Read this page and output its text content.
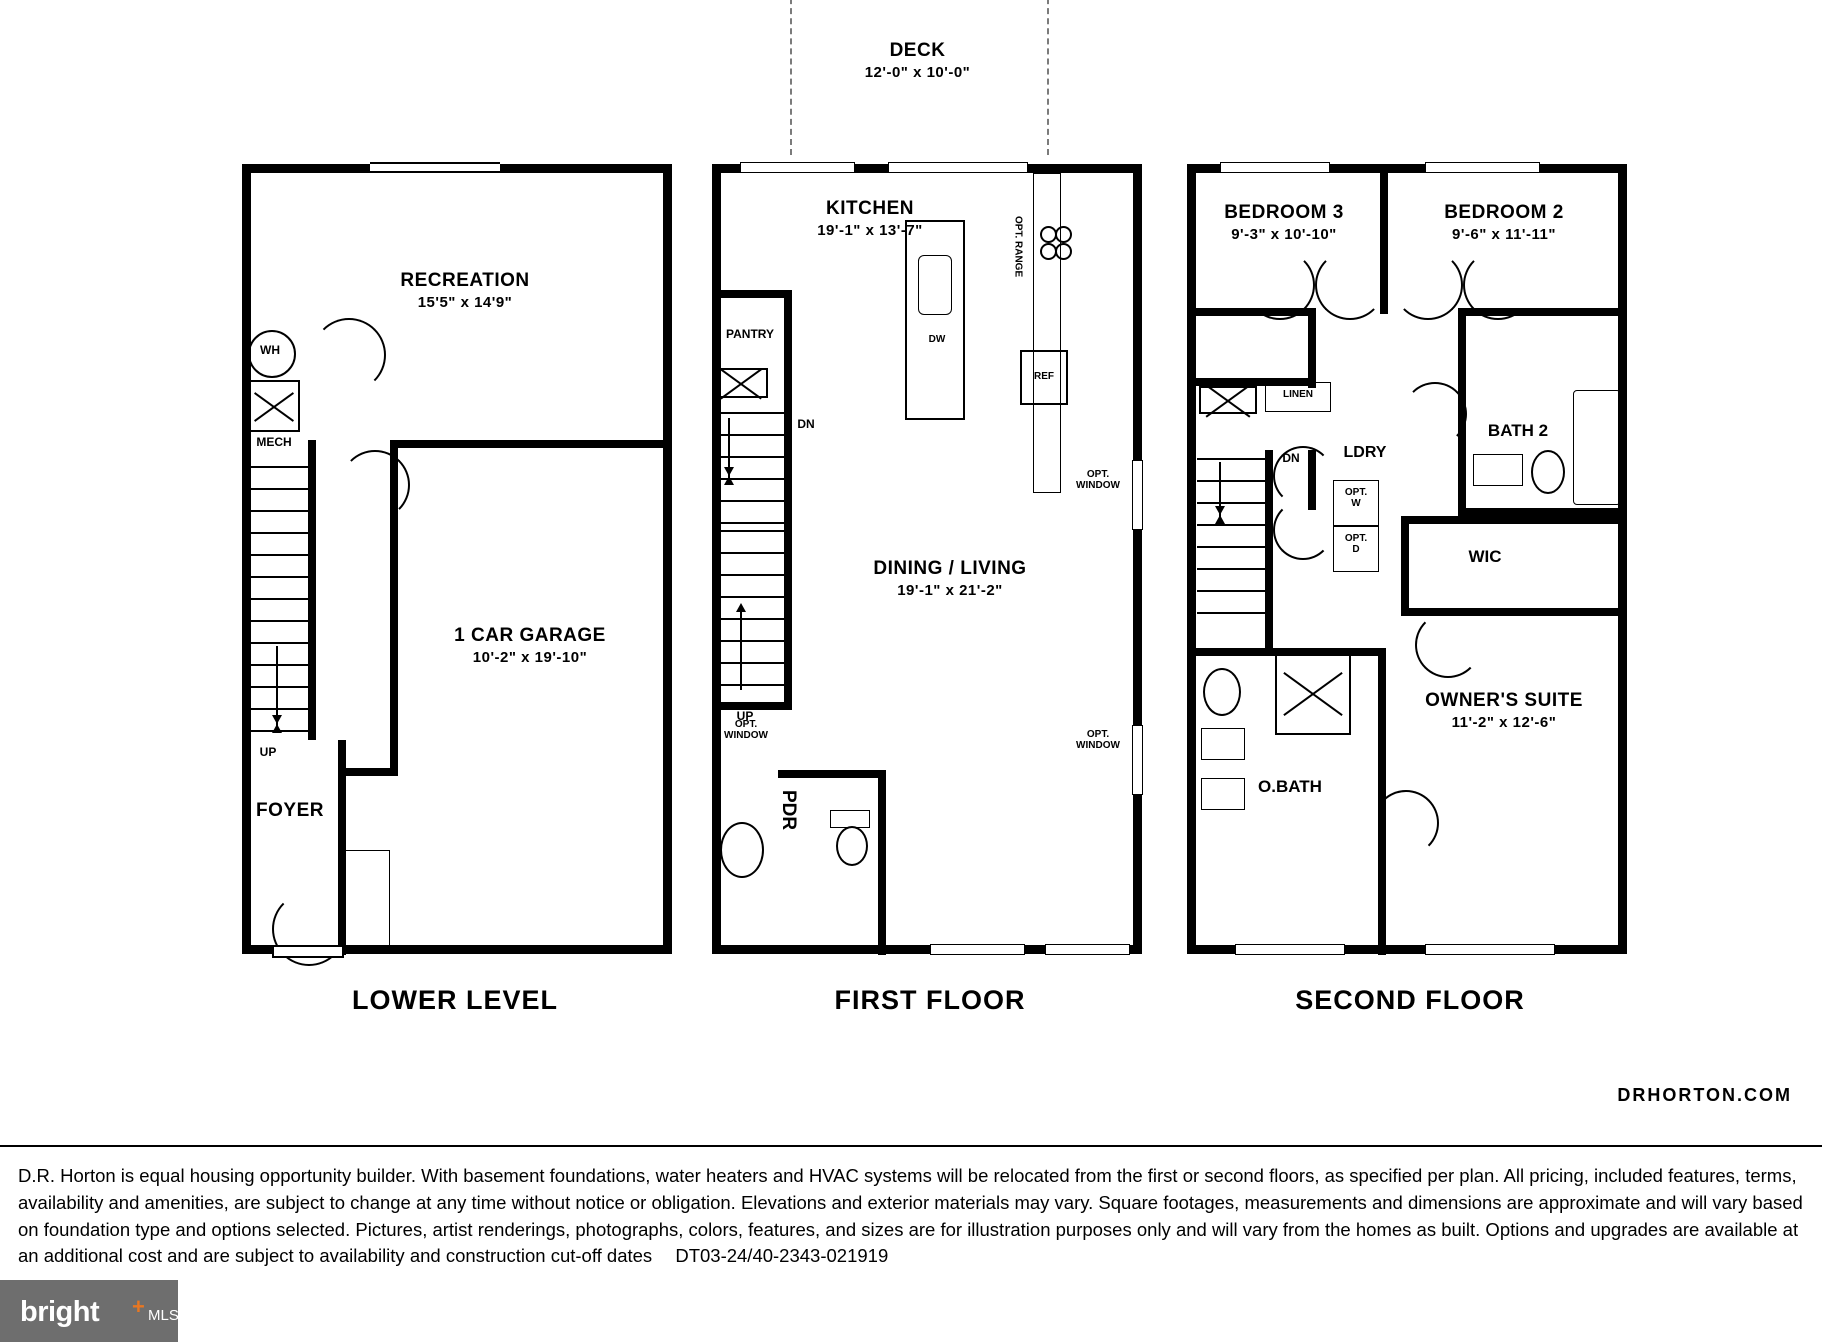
WH
MECH
UP
RECREATION
15'5" x 14'9"
1 CAR GARAGE
10'-2" x 19'-10"
FOYER
LOWER LEVEL
DECK
12'-0" x 10'-0"
OPT.
WINDOW
OPT.
WINDOW
OPT.
WINDOW
DW
OPT. RANGE
REF
PANTRY
DN
UP
PDR
KITCHEN
19'-1" x 13'-7"
DINING / LIVING
19'-1" x 21'-2"
FIRST FLOOR
LINEN
BATH 2
LDRY
OPT.
W
OPT.
D	WIC
O.BATH
DN
BEDROOM 3
9'-3" x 10'-10"
BEDROOM 2
9'-6" x 11'-11"
OWNER'S SUITE
11'-2" x 12'-6"
SECOND FLOOR
DRHORTON.COM
D.R. Horton is equal housing opportunity builder. With basement foundations, water heaters and HVAC systems will be relocated from the first or second floors, as specified per plan. All pricing, included features, terms, availability and amenities, are subject to change at any time without notice or obligation. Elevations and exterior materials may vary. Square footages, measurements and dimensions are approximate and will vary based on foundation type and options selected. Pictures, artist renderings, photographs, colors, features, and sizes are for illustration purposes only and will vary from the homes as built. Options and upgrades are available at an additional cost and are subject to availability and construction cut-off dates DT03-24/40-2343-021919
bright + MLS
